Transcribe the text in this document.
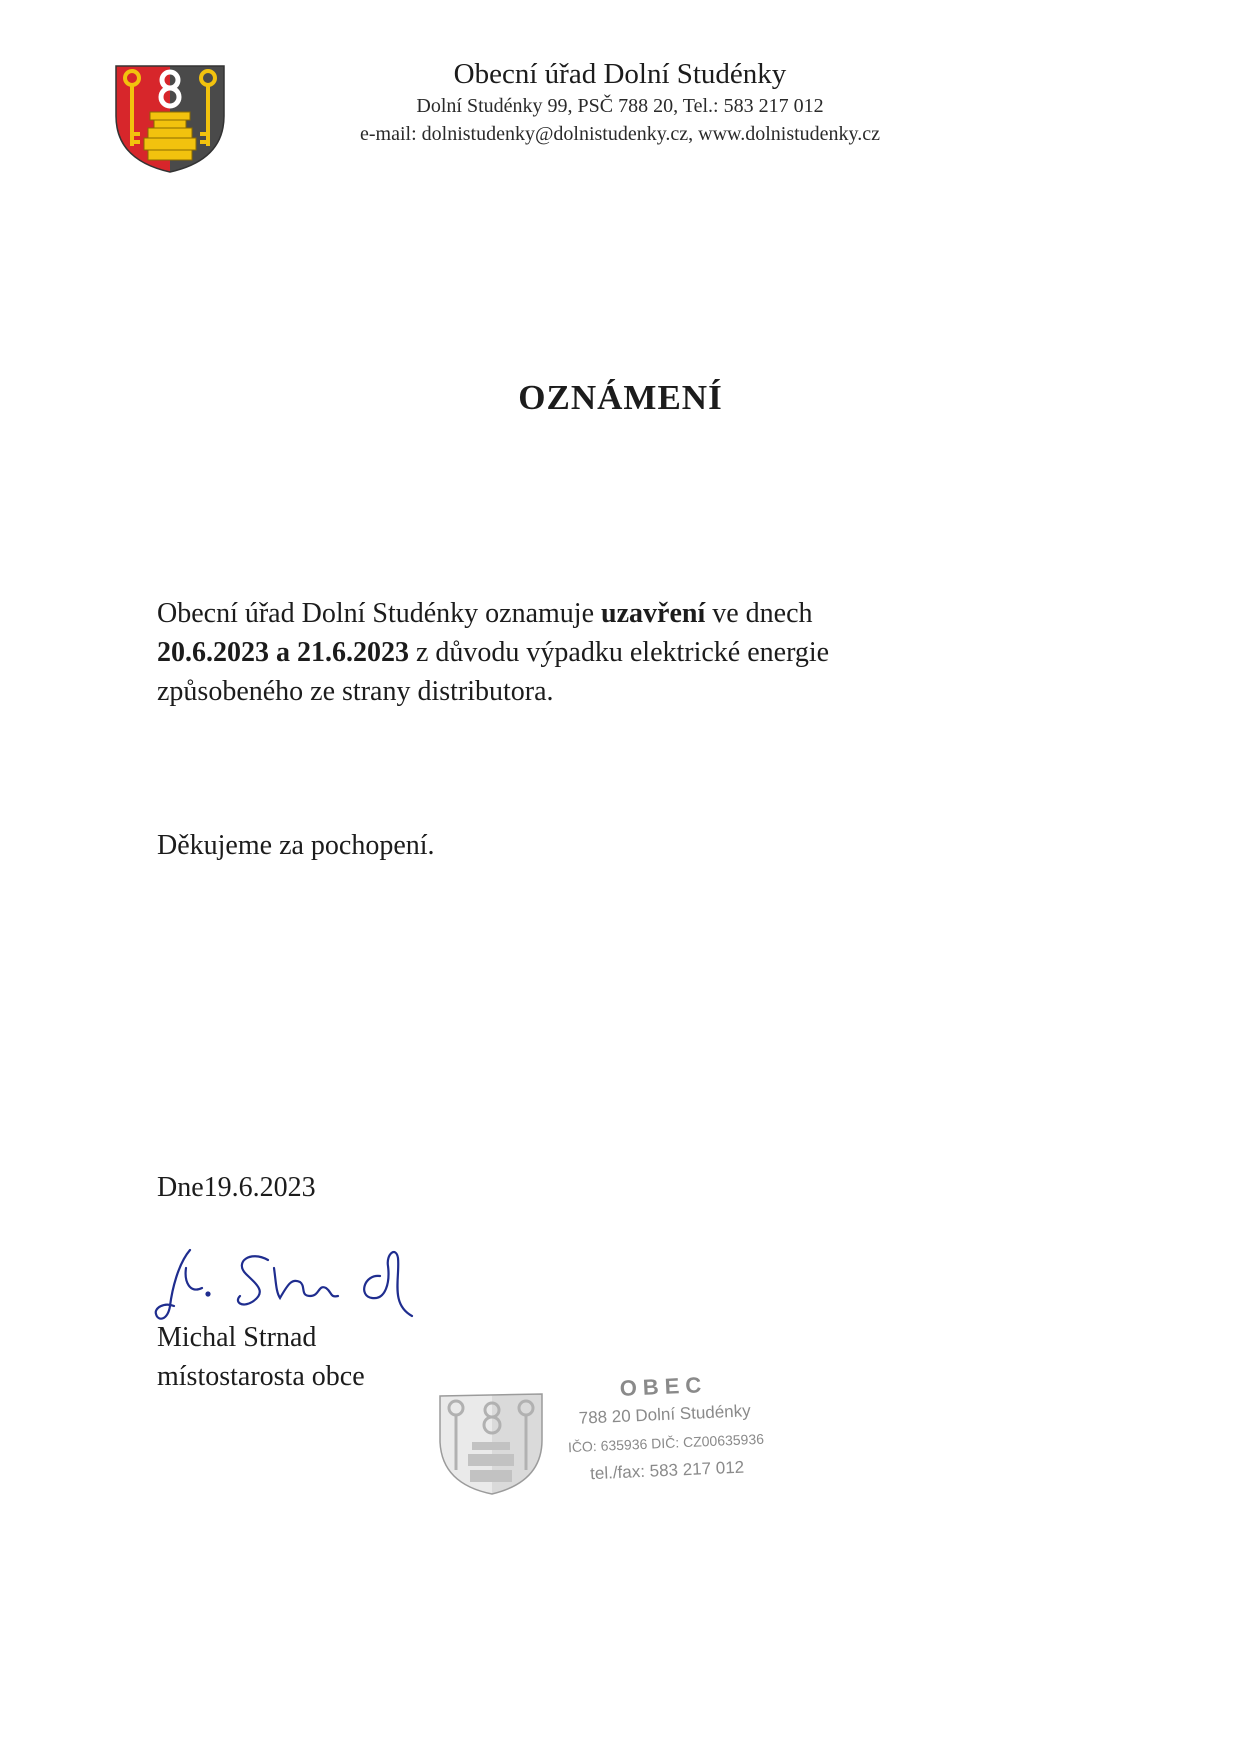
Obecní úřad Dolní Studénky
Dolní Studénky 99, PSČ 788 20, Tel.: 583 217 012
e-mail: dolnistudenky@dolnistudenky.cz, www.dolnistudenky.cz
OZNÁMENÍ
Obecní úřad Dolní Studénky oznamuje uzavření ve dnech
20.6.2023 a 21.6.2023 z důvodu výpadku elektrické energie
způsobeného ze strany distributora.
Děkujeme za pochopení.
Dne19.6.2023
Michal Strnad
místostarosta obce	OBEC
788 20 Dolní Studénky
IČO: 635936 DIČ: CZ00635936
tel./fax: 583 217 012
